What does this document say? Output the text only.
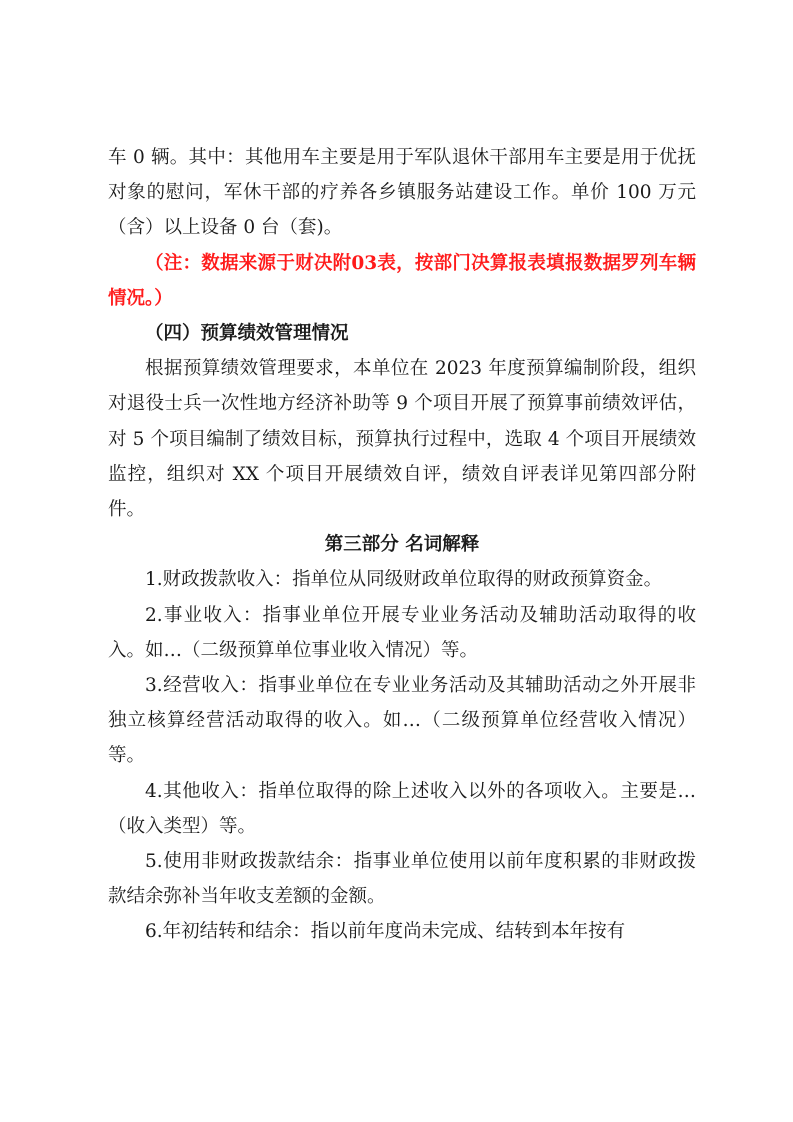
车 0 辆。其中：其他用车主要是用于军队退休干部用车主要是用于优抚对象的慰问，军休干部的疗养各乡镇服务站建设工作。单价 100 万元（含）以上设备 0 台（套)。

（注：数据来源于财决附03表，按部门决算报表填报数据罗列车辆情况。）

（四）预算绩效管理情况

根据预算绩效管理要求，本单位在 2023 年度预算编制阶段，组织对退役士兵一次性地方经济补助等 9 个项目开展了预算事前绩效评估，对 5 个项目编制了绩效目标，预算执行过程中，选取 4 个项目开展绩效监控，组织对 XX 个项目开展绩效自评，绩效自评表详见第四部分附件。

第三部分 名词解释

1.财政拨款收入：指单位从同级财政单位取得的财政预算资金。

2.事业收入：指事业单位开展专业业务活动及辅助活动取得的收入。如…（二级预算单位事业收入情况）等。

3.经营收入：指事业单位在专业业务活动及其辅助活动之外开展非独立核算经营活动取得的收入。如…（二级预算单位经营收入情况）等。

4.其他收入：指单位取得的除上述收入以外的各项收入。主要是…（收入类型）等。

5.使用非财政拨款结余：指事业单位使用以前年度积累的非财政拨款结余弥补当年收支差额的金额。

6.年初结转和结余：指以前年度尚未完成、结转到本年按有
